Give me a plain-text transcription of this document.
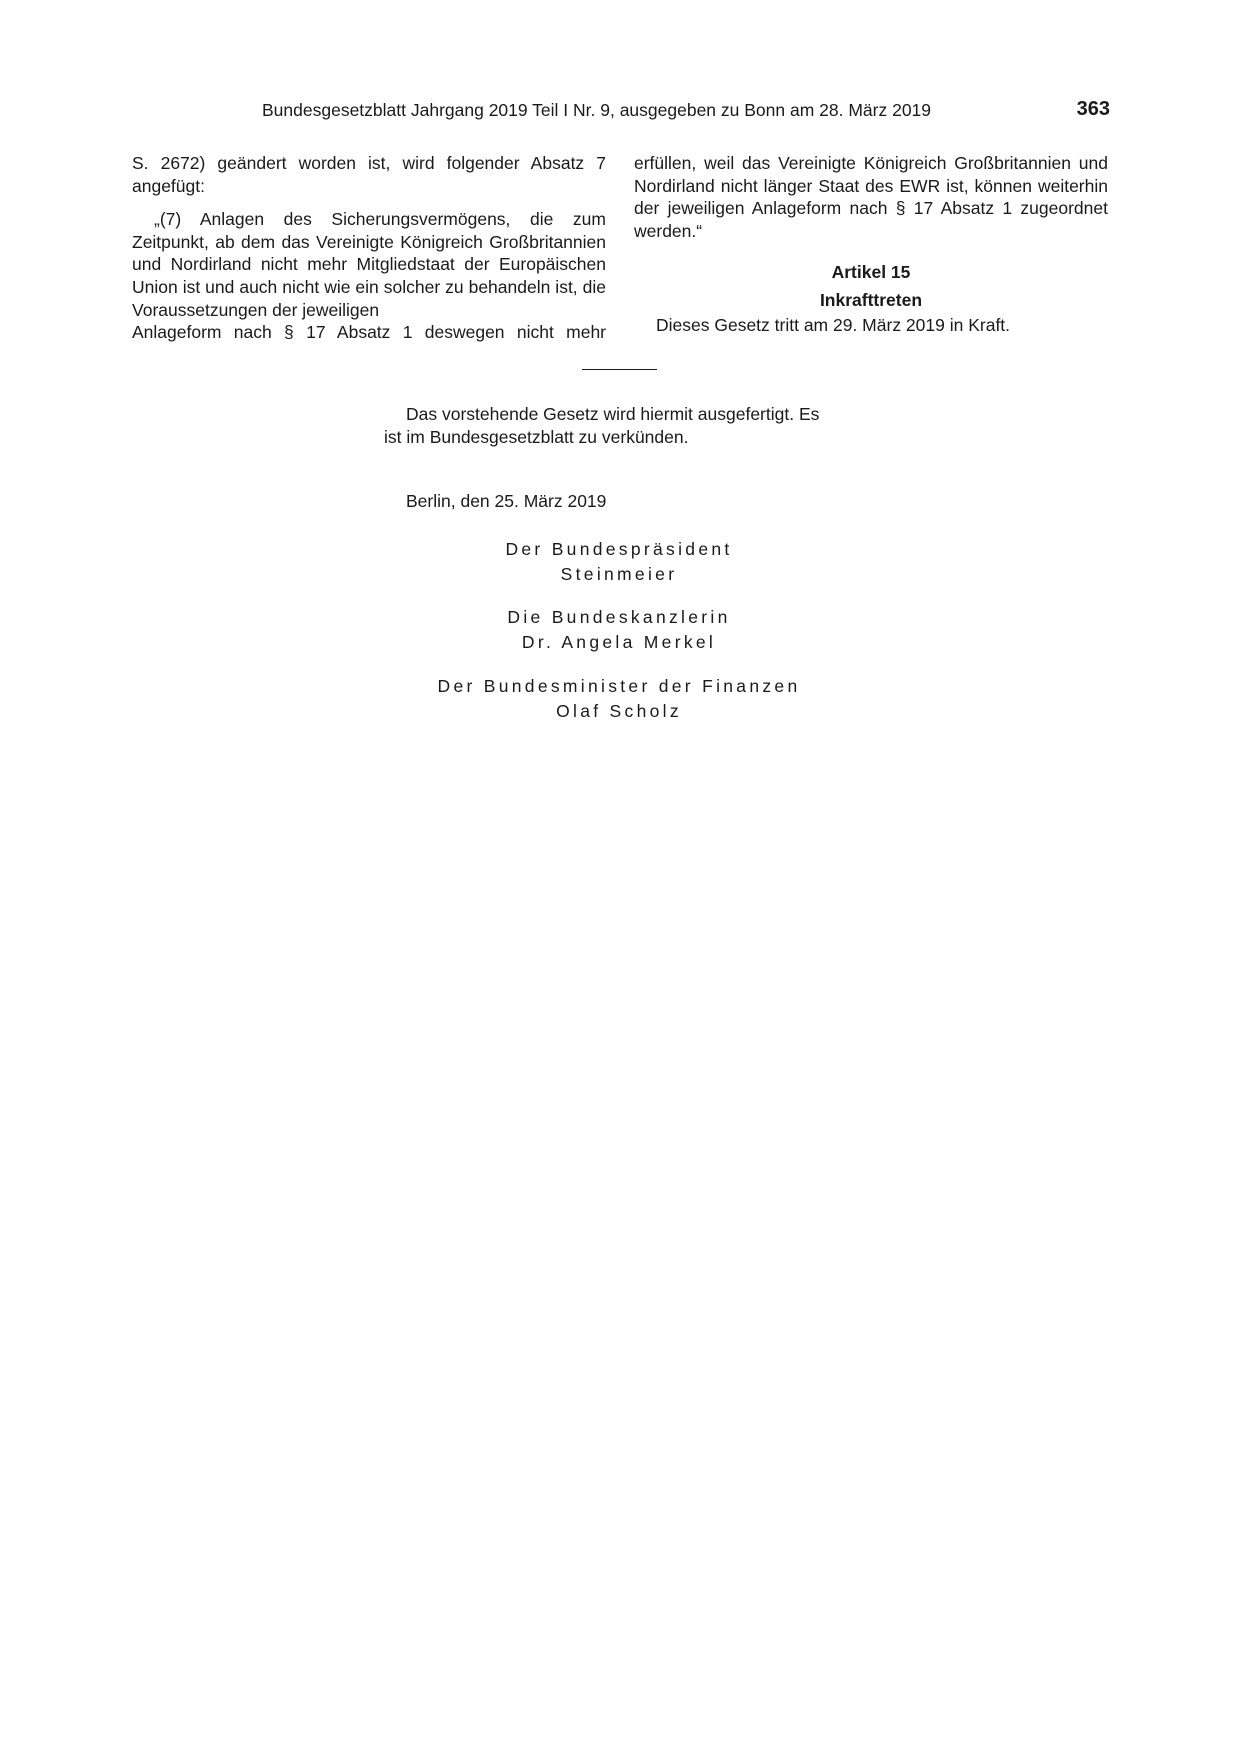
Bundesgesetzblatt Jahrgang 2019 Teil I Nr. 9, ausgegeben zu Bonn am 28. März 2019	363

S. 2672) geändert worden ist, wird folgender Absatz 7

angefügt:

„(7) Anlagen des Sicherungsvermögens, die zum Zeitpunkt, ab dem das Vereinigte Königreich Großbritannien und Nordirland nicht mehr Mitgliedstaat der Europäischen Union ist und auch nicht wie ein solcher zu behandeln ist, die Voraussetzungen der jeweiligen

Anlageform nach § 17 Absatz 1 deswegen nicht mehr

erfüllen, weil das Vereinigte Königreich Großbritannien und Nordirland nicht länger Staat des EWR ist, können weiterhin der jeweiligen Anlageform nach § 17 Absatz 1 zugeordnet werden.“

Artikel 15
Inkrafttreten

Dieses Gesetz tritt am 29. März 2019 in Kraft.

Das vorstehende Gesetz wird hiermit ausgefertigt. Es

ist im Bundesgesetzblatt zu verkünden.

Berlin, den 25. März 2019

Der Bundespräsident
Steinmeier
Die Bundeskanzlerin
Dr. Angela Merkel
Der Bundesminister der Finanzen
Olaf Scholz
